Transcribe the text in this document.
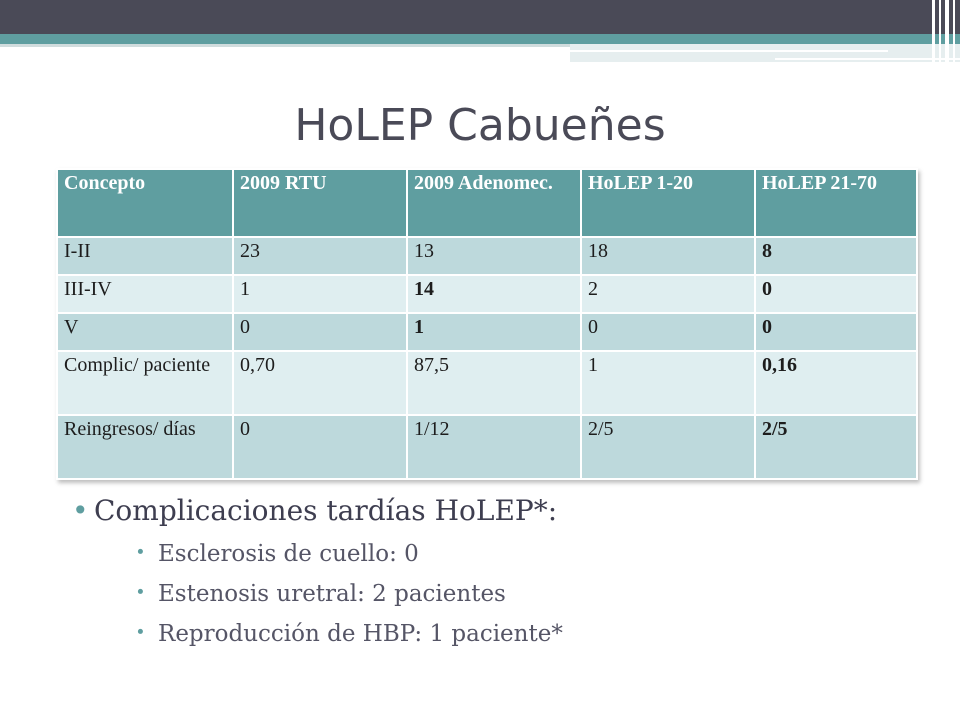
HoLEP Cabueñes
Concepto	2009 RTU	2009 Adenomec.	HoLEP 1-20	HoLEP 21-70
I-II	23	13	18	8
III-IV	1	14	2	0
V	0	1	0	0
Complic/ paciente	0,70	87,5	1	0,16
Reingresos/ días	0	1/12	2/5	2/5
• Complicaciones tardías HoLEP*:
∙ Esclerosis de cuello: 0
∙ Estenosis uretral: 2 pacientes
∙ Reproducción de HBP: 1 paciente*
